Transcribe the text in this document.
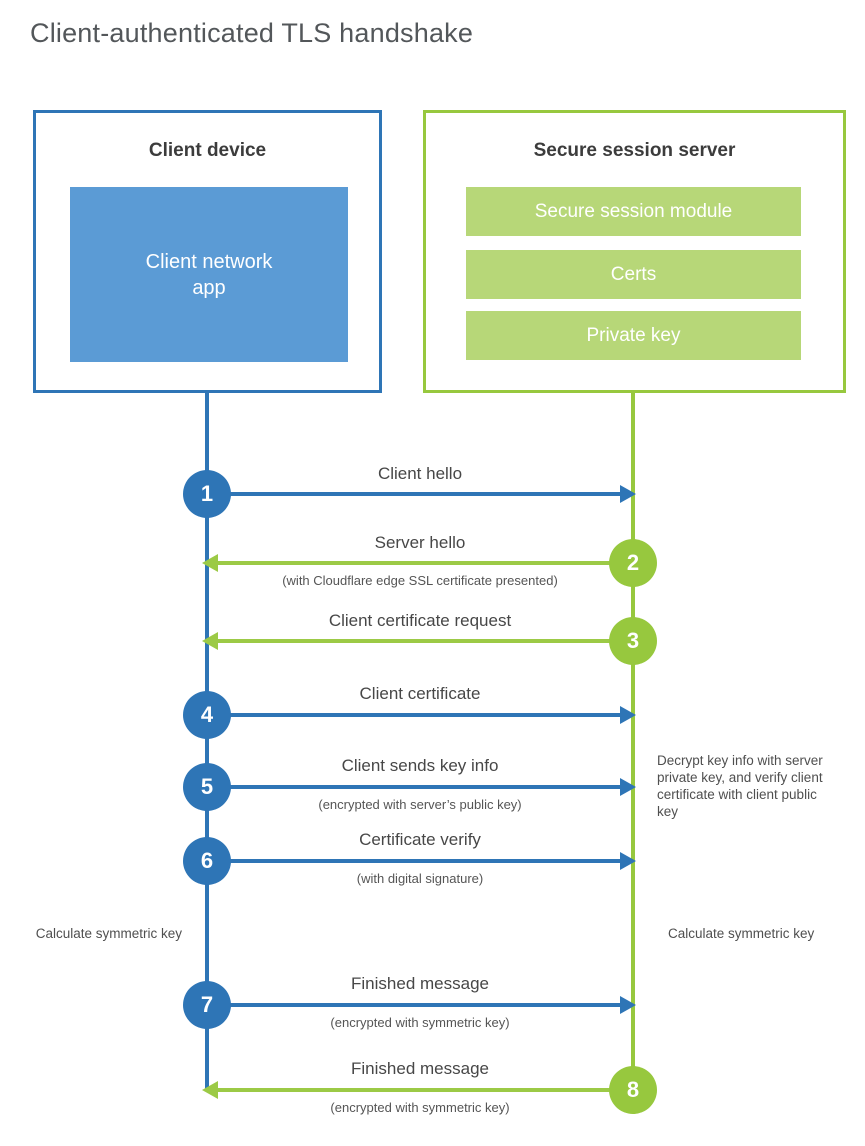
Client-authenticated TLS handshake
Client device
Client network app
Secure session server
Secure session module
Certs
Private key
1
Client hello
2
Server hello
(with Cloudflare edge SSL certificate presented)
3
Client certificate request
4
Client certificate
5
Client sends key info
(encrypted with server’s public key)
6
Certificate verify
(with digital signature)
Decrypt key info with server private key, and verify client certificate with client public key
Calculate symmetric key	Calculate symmetric key
7
Finished message
(encrypted with symmetric key)
8
Finished message
(encrypted with symmetric key)
